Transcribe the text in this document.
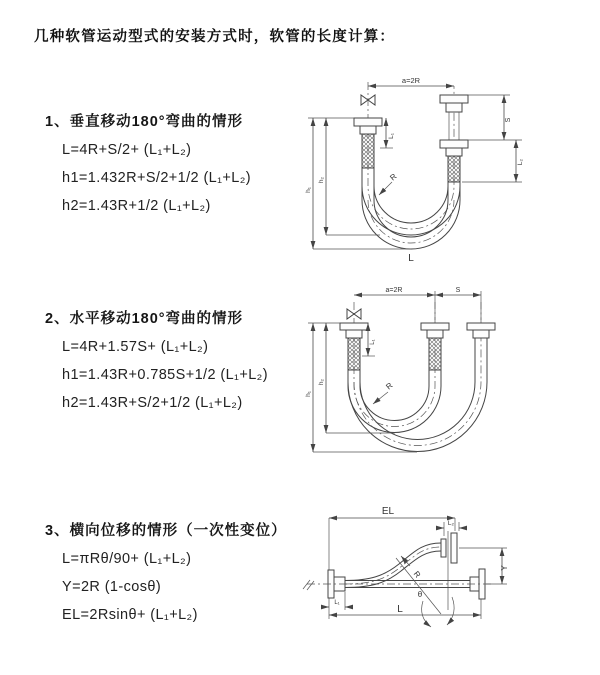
几种软管运动型式的安装方式时，软管的长度计算：
1、垂直移动180°弯曲的情形
L=4R+S/2+ (L₁+L₂)
h1=1.432R+S/2+1/2 (L₁+L₂)
h2=1.43R+1/2 (L₁+L₂)
2、水平移动180°弯曲的情形
L=4R+1.57S+ (L₁+L₂)
h1=1.43R+0.785S+1/2 (L₁+L₂)
h2=1.43R+S/2+1/2 (L₁+L₂)
3、横向位移的情形（一次性变位）
L=πRθ/90+ (L₁+L₂)
Y=2R (1-cosθ)
EL=2Rsinθ+ (L₁+L₂)
a=2R
L₁
S
L₂
h₁
h₂	R
L
a=2R	S
L₁
h₁
h₂	R
EL
L₂
Y
θ
R
L
L₁
